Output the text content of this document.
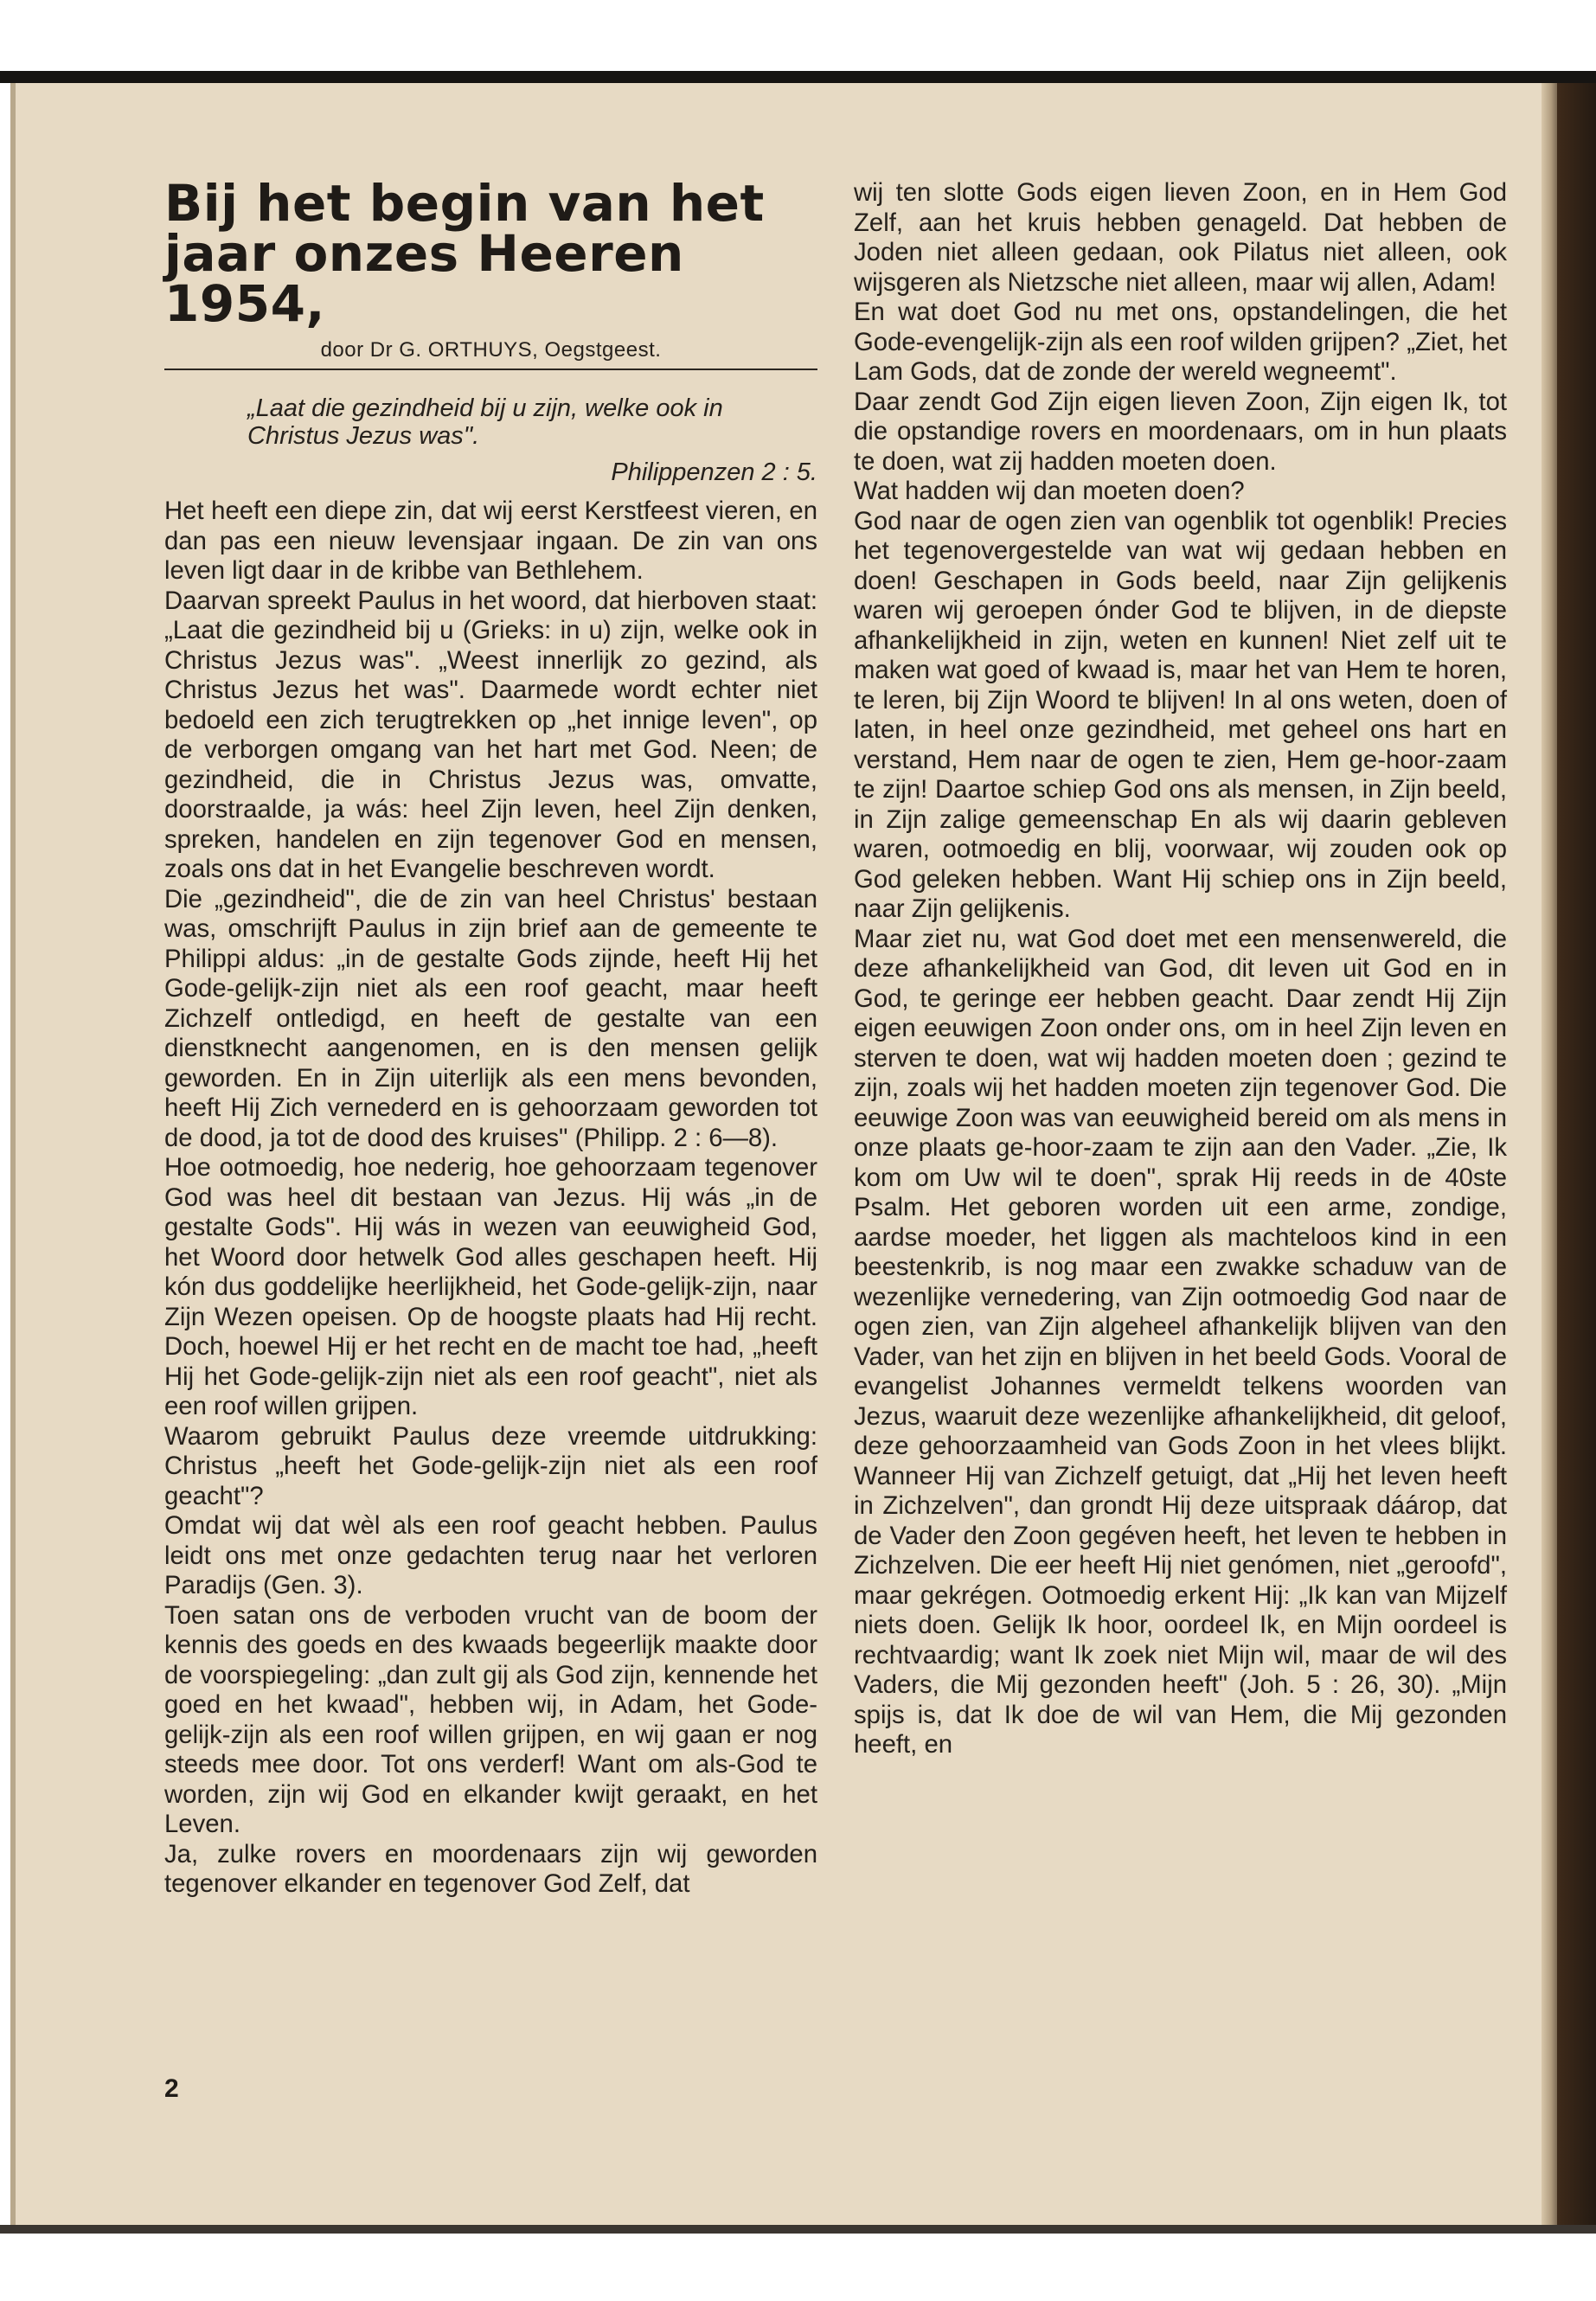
Bij het begin van het jaar onzes Heeren 1954,
door Dr G. ORTHUYS, Oegstgeest.
„Laat die gezindheid bij u zijn, welke ook in Christus Jezus was".
Philippenzen 2 : 5.

Het heeft een diepe zin, dat wij eerst Kerstfeest vieren, en dan pas een nieuw levensjaar ingaan. De zin van ons leven ligt daar in de kribbe van Bethlehem.

Daarvan spreekt Paulus in het woord, dat hierboven staat: „Laat die gezindheid bij u (Grieks: in u) zijn, welke ook in Christus Jezus was". „Weest innerlijk zo gezind, als Christus Jezus het was". Daarmede wordt echter niet bedoeld een zich terugtrekken op „het innige leven", op de verborgen omgang van het hart met God. Neen; de gezindheid, die in Christus Jezus was, omvatte, doorstraalde, ja wás: heel Zijn leven, heel Zijn denken, spreken, handelen en zijn tegenover God en mensen, zoals ons dat in het Evangelie beschreven wordt.

Die „gezindheid", die de zin van heel Christus' bestaan was, omschrijft Paulus in zijn brief aan de gemeente te Philippi aldus: „in de gestalte Gods zijnde, heeft Hij het Gode-gelijk-zijn niet als een roof geacht, maar heeft Zichzelf ontledigd, en heeft de gestalte van een dienstknecht aangenomen, en is den mensen gelijk geworden. En in Zijn uiterlijk als een mens bevonden, heeft Hij Zich vernederd en is gehoorzaam geworden tot de dood, ja tot de dood des kruises" (Philipp. 2 : 6—8).

Hoe ootmoedig, hoe nederig, hoe gehoorzaam tegenover God was heel dit bestaan van Jezus. Hij wás „in de gestalte Gods". Hij wás in wezen van eeuwigheid God, het Woord door hetwelk God alles geschapen heeft. Hij kón dus goddelijke heerlijkheid, het Gode-gelijk-zijn, naar Zijn Wezen opeisen. Op de hoogste plaats had Hij recht. Doch, hoewel Hij er het recht en de macht toe had, „heeft Hij het Gode-gelijk-zijn niet als een roof geacht", niet als een roof willen grijpen.

Waarom gebruikt Paulus deze vreemde uitdrukking: Christus „heeft het Gode-gelijk-zijn niet als een roof geacht"?

Omdat wij dat wèl als een roof geacht hebben. Paulus leidt ons met onze gedachten terug naar het verloren Paradijs (Gen. 3).

Toen satan ons de verboden vrucht van de boom der kennis des goeds en des kwaads begeerlijk maakte door de voorspiegeling: „dan zult gij als God zijn, kennende het goed en het kwaad", hebben wij, in Adam, het Gode-gelijk-zijn als een roof willen grijpen, en wij gaan er nog steeds mee door. Tot ons verderf! Want om als-God te worden, zijn wij God en elkander kwijt geraakt, en het Leven.

Ja, zulke rovers en moordenaars zijn wij geworden tegenover elkander en tegenover God Zelf, dat

wij ten slotte Gods eigen lieven Zoon, en in Hem God Zelf, aan het kruis hebben genageld. Dat hebben de Joden niet alleen gedaan, ook Pilatus niet alleen, ook wijsgeren als Nietzsche niet alleen, maar wij allen, Adam!

En wat doet God nu met ons, opstandelingen, die het Gode-evengelijk-zijn als een roof wilden grijpen? „Ziet, het Lam Gods, dat de zonde der wereld wegneemt".

Daar zendt God Zijn eigen lieven Zoon, Zijn eigen Ik, tot die opstandige rovers en moordenaars, om in hun plaats te doen, wat zij hadden moeten doen.

Wat hadden wij dan moeten doen?

God naar de ogen zien van ogenblik tot ogenblik! Precies het tegenovergestelde van wat wij gedaan hebben en doen! Geschapen in Gods beeld, naar Zijn gelijkenis waren wij geroepen ónder God te blijven, in de diepste afhankelijkheid in zijn, weten en kunnen! Niet zelf uit te maken wat goed of kwaad is, maar het van Hem te horen, te leren, bij Zijn Woord te blijven! In al ons weten, doen of laten, in heel onze gezindheid, met geheel ons hart en verstand, Hem naar de ogen te zien, Hem ge-hoor-zaam te zijn! Daartoe schiep God ons als mensen, in Zijn beeld, in Zijn zalige gemeenschap En als wij daarin gebleven waren, ootmoedig en blij, voorwaar, wij zouden ook op God geleken hebben. Want Hij schiep ons in Zijn beeld, naar Zijn gelijkenis.

Maar ziet nu, wat God doet met een mensenwereld, die deze afhankelijkheid van God, dit leven uit God en in God, te geringe eer hebben geacht. Daar zendt Hij Zijn eigen eeuwigen Zoon onder ons, om in heel Zijn leven en sterven te doen, wat wij hadden moeten doen ; gezind te zijn, zoals wij het hadden moeten zijn tegenover God. Die eeuwige Zoon was van eeuwigheid bereid om als mens in onze plaats ge-hoor-zaam te zijn aan den Vader. „Zie, Ik kom om Uw wil te doen", sprak Hij reeds in de 40ste Psalm. Het geboren worden uit een arme, zondige, aardse moeder, het liggen als machteloos kind in een beestenkrib, is nog maar een zwakke schaduw van de wezenlijke vernedering, van Zijn ootmoedig God naar de ogen zien, van Zijn algeheel afhankelijk blijven van den Vader, van het zijn en blijven in het beeld Gods. Vooral de evangelist Johannes vermeldt telkens woorden van Jezus, waaruit deze wezenlijke afhankelijkheid, dit geloof, deze gehoorzaamheid van Gods Zoon in het vlees blijkt. Wanneer Hij van Zichzelf getuigt, dat „Hij het leven heeft in Zichzelven", dan grondt Hij deze uitspraak dáárop, dat de Vader den Zoon gegéven heeft, het leven te hebben in Zichzelven. Die eer heeft Hij niet genómen, niet „geroofd", maar gekrégen. Ootmoedig erkent Hij: „Ik kan van Mijzelf niets doen. Gelijk Ik hoor, oordeel Ik, en Mijn oordeel is rechtvaardig; want Ik zoek niet Mijn wil, maar de wil des Vaders, die Mij gezonden heeft" (Joh. 5 : 26, 30). „Mijn spijs is, dat Ik doe de wil van Hem, die Mij gezonden heeft, en

2
